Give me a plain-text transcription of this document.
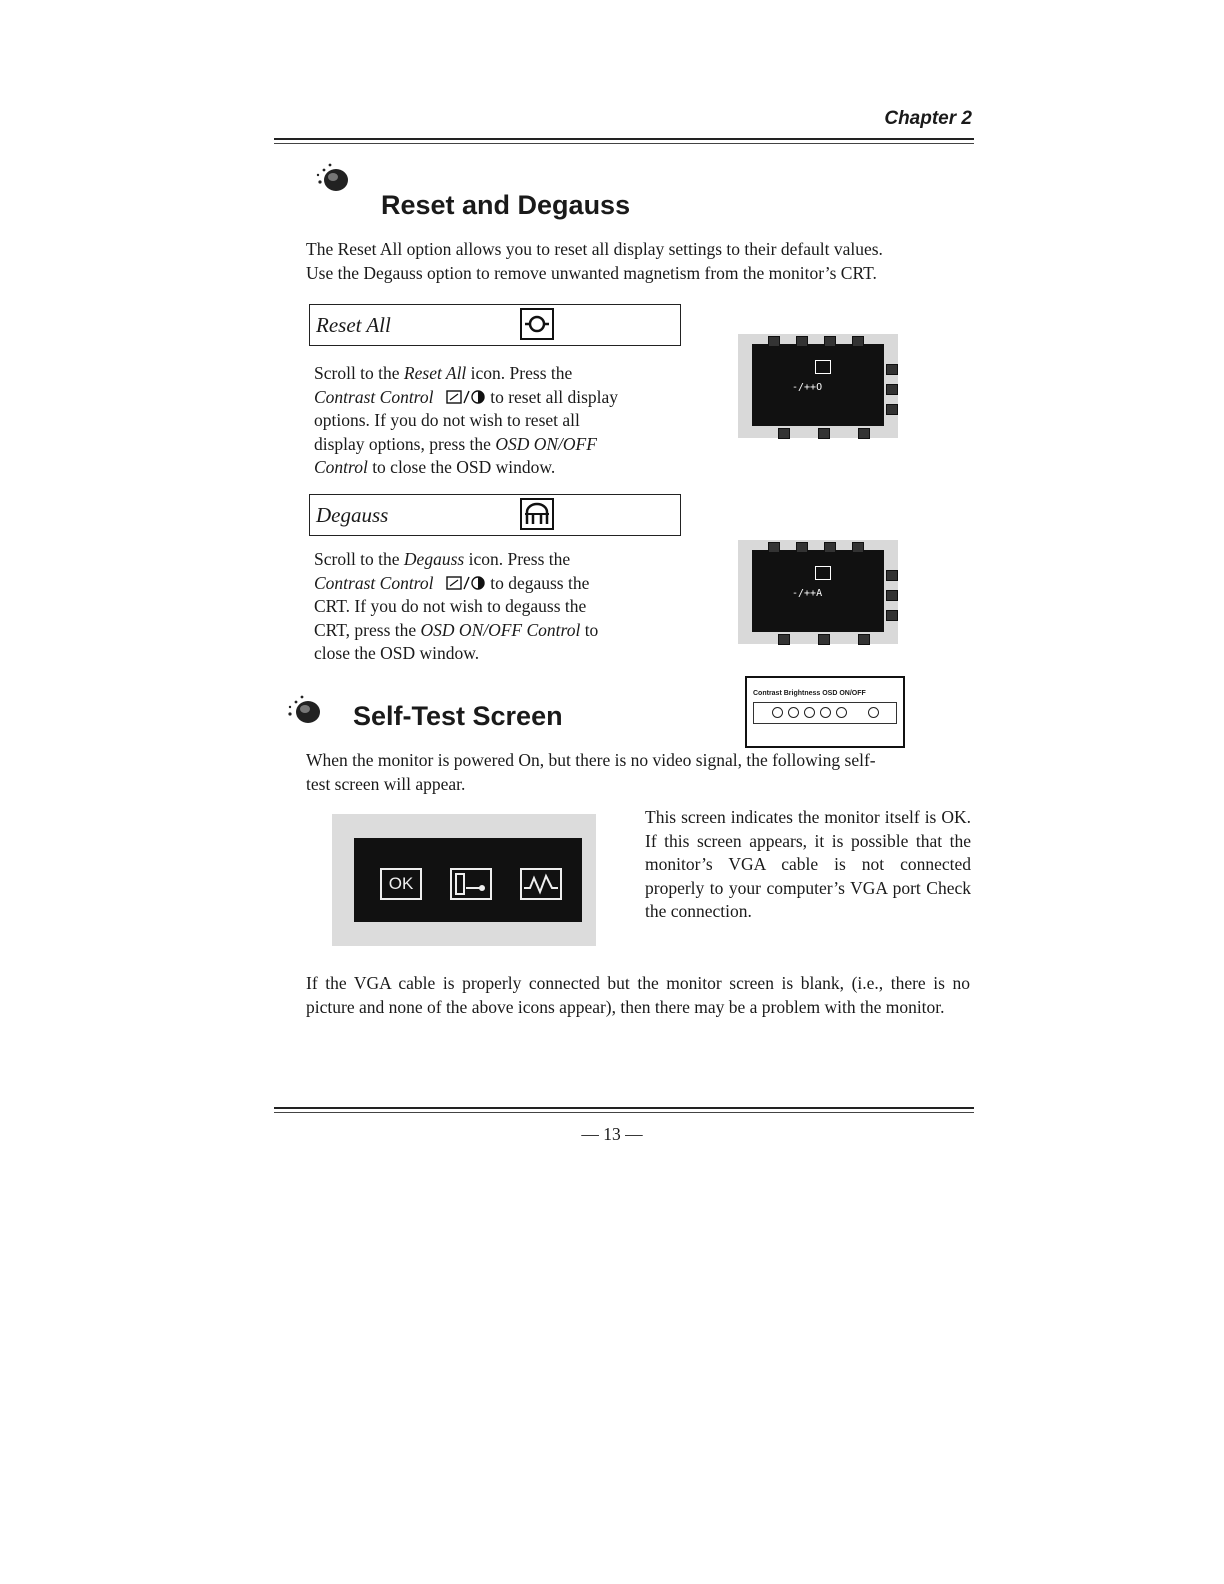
Chapter 2
Reset and Degauss
The Reset All option allows you to reset all display settings to their default values.
Use the Degauss option to remove unwanted magnetism from the monitor’s CRT.
Reset All
Scroll to the Reset All icon. Press the
Contrast Control	to reset all display
options. If you do not wish to reset all
display options, press the OSD ON/OFF
Control to close the OSD window.
-/++O
Degauss
Scroll to the Degauss icon. Press the
Contrast Control	to degauss the
CRT. If you do not wish to degauss the
CRT, press the OSD ON/OFF Control to
close the OSD window.
-/++A
Self-Test Screen
Contrast Brightness OSD ON/OFF
When the monitor is powered On, but there is no video signal, the following self-
test screen will appear.
OK
This screen indicates the monitor itself is OK. If this screen appears, it is possible that the monitor’s VGA cable is not connected properly to your computer’s VGA port Check the connection.
If the VGA cable is properly connected but the monitor screen is blank, (i.e., there is no picture and none of the above icons appear), then there may be a problem with the monitor.
— 13 —
